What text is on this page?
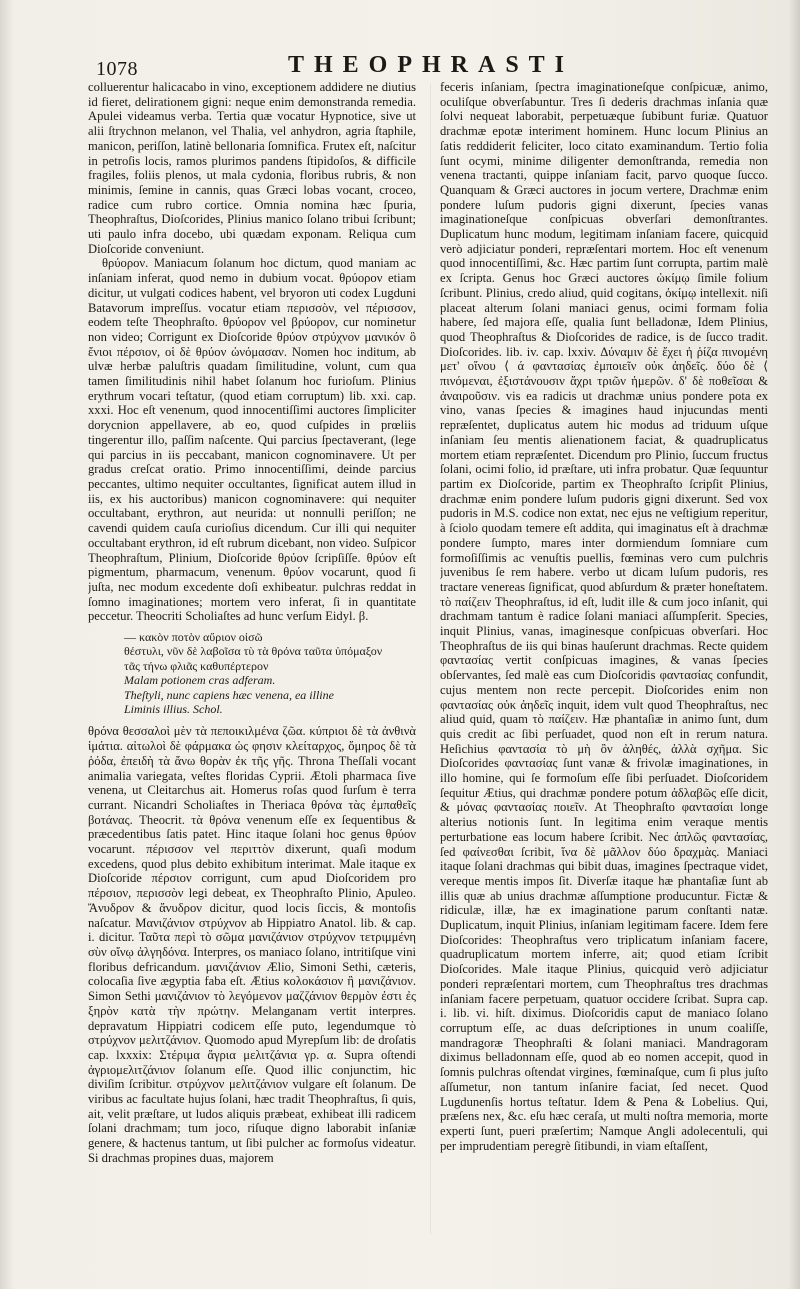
1078	THEOPHRASTI

colluerentur halicacabo in vino, exceptionem addidere ne diutius id fieret, delirationem gigni: neque enim demonstranda remedia. Apulei videamus verba. Tertia quæ vocatur Hypnotice, sive ut alii ſtrychnon melanon, vel Thalia, vel anhydron, agria ſtaphile, manicon, periſſon, latinè bellonaria ſomnifica. Frutex eſt, naſcitur in petroſis locis, ramos plurimos pandens ſtipidoſos, & difficile fragiles, foliis plenos, ut mala cydonia, floribus rubris, & non minimis, ſemine in cannis, quas Græci lobas vocant, croceo, radice cum rubro cortice. Omnia nomina hæc ſpuria, Theophraſtus, Dioſcorides, Plinius manico ſolano tribui ſcribunt; uti paulo infra docebo, ubi quædam exponam. Reliqua cum Dioſcoride conveniunt.

θρύορον. Maniacum ſolanum hoc dictum, quod maniam ac inſaniam inferat, quod nemo in dubium vocat. θρύορον etiam dicitur, ut vulgati codices habent, vel bryoron uti codex Lugduni Batavorum impreſſus. vocatur etiam περισσὸν, vel πέρισσον, eodem teſte Theophraſto. θρύορον vel βρύορον, cur nominetur non video; Corrigunt ex Dioſcoride θρύον στρύχνον μανικόν ὃ ἔνιοι πέρσιον, οἱ δὲ θρύον ὠνόμασαν. Nomen hoc inditum, ab ulvæ herbæ paluſtris quadam ſimilitudine, volunt, cum qua tamen ſimilitudinis nihil habet ſolanum hoc furioſum. Plinius erythrum vocari teſtatur, (quod etiam corruptum) lib. xxi. cap. xxxi. Hoc eſt venenum, quod innocentiſſimi auctores ſimpliciter dorycnion appellavere, ab eo, quod cuſpides in prœliis tingerentur illo, paſſim naſcente. Qui parcius ſpectaverant, (lege qui parcius in iis peccabant, manicon cognominavere. Ut per gradus creſcat oratio. Primo innocentiſſimi, deinde parcius peccantes, ultimo nequiter occultantes, ſignificat autem illud in iis, ex his auctoribus) manicon cognominavere: qui nequiter occultabant, erythron, aut neurida: ut nonnulli periſſon; ne cavendi quidem cauſa curioſius dicendum. Cur illi qui nequiter occultabant erythron, id eſt rubrum dicebant, non video. Suſpicor Theophraſtum, Plinium, Dioſcoride θρύον ſcripſiſſe. θρύον eſt pigmentum, pharmacum, venenum. θρύον vocarunt, quod ſi juſta, nec modum excedente doſi exhibeatur. pulchras reddat in ſomno imaginationes; mortem vero inferat, ſi in quantitate peccetur. Theocriti Scholiaſtes ad hunc verſum Eidyl. β.

— κακὸν ποτὸν αὔριον οἰσῶ
θέστυλι, νῦν δὲ λαβοῖσα τὺ τὰ θρόνα ταῦτα ὑπόμαξον
τᾶς τήνω φλιᾶς καθυπέρτερον
Malam potionem cras adferam.
Theſtyli, nunc capiens hæc venena, ea illine
Liminis illius. Schol.

θρόνα θεσσαλοὶ μὲν τὰ πεποικιλμένα ζῶα. κύπριοι δὲ τὰ ἀνθινὰ ἱμάτια. αἰτωλοὶ δὲ φάρμακα ὡς φησιν κλείταρχος, ὅμηρος δὲ τὰ ῥόδα, ἐπειδὴ τὰ ἄνω θορὰν ἐκ τῆς γῆς. Throna Theſſali vocant animalia variegata, veſtes floridas Cyprii. Ætoli pharmaca ſive venena, ut Cleitarchus ait. Homerus roſas quod ſurſum è terra currant. Nicandri Scholiaſtes in Theriaca θρόνα τὰς ἐμπαθεῖς βοτάνας. Theocrit. τὰ θρόνα venenum eſſe ex ſequentibus & præcedentibus ſatis patet. Hinc itaque ſolani hoc genus θρύον vocarunt. πέρισσον vel περιττὸν dixerunt, quaſi modum excedens, quod plus debito exhibitum interimat. Male itaque ex Dioſcoride πέρσιον corrigunt, cum apud Dioſcoridem pro πέρσιον, περισσὸν legi debeat, ex Theophraſto Plinio, Apuleo. Ἄνυδρον & ἄνυδρον dicitur, quod locis ſiccis, & montoſis naſcatur. Μανιζάνιον στρύχνον ab Hippiatro Anatol. lib. & cap. i. dicitur. Ταῦτα περὶ τὸ σῶμα μανιζάνιον στρύχνον τετριμμένη σὺν οἴνῳ ἀλγηδόνα. Interpres, os maniaco ſolano, intritiſque vini floribus defricandum. μανιζάνιον Ælio, Simoni Sethi, cæteris, colocaſia ſive ægyptia faba eſt. Ætius κολοκάσιον ἢ μανιζάνιον. Simon Sethi μανιζάνιον τὸ λεγόμενον μαζζάνιον θερμὸν ἐστι ἐς ξηρὸν κατὰ τὴν πρώτην. Melanganam vertit interpres. depravatum Hippiatri codicem eſſe puto, legendumque τὸ στρύχνον μελιτζάνιον. Quomodo apud Myrepſum lib: de droſatis cap. lxxxix: Στέριμα ἄγρια μελιτζάνια γρ. α. Supra oſtendi ἀγριομελιτζάνιον ſolanum eſſe. Quod illic conjunctim, hic diviſim ſcribitur. στρύχνον μελιτζάνιον vulgare eſt ſolanum. De viribus ac facultate hujus ſolani, hæc tradit Theophraſtus, ſi quis, ait, velit præſtare, ut ludos aliquis præbeat, exhibeat illi radicem ſolani drachmam; tum joco, riſuque digno laborabit inſaniæ genere, & hactenus tantum, ut ſibi pulcher ac formoſus videatur. Si drachmas propines duas, majorem

feceris inſaniam, ſpectra imaginationeſque conſpicuæ, animo, oculiſque obverſabuntur. Tres ſi dederis drachmas inſania quæ ſolvi nequeat laborabit, perpetuæque ſubibunt furiæ. Quatuor drachmæ epotæ interiment hominem. Hunc locum Plinius an ſatis reddiderit feliciter, loco citato examinandum. Tertio folia ſunt ocymi, minime diligenter demonſtranda, remedia non venena tractanti, quippe inſaniam facit, parvo quoque ſucco. Quanquam & Græci auctores in jocum vertere, Drachmæ enim pondere luſum pudoris gigni dixerunt, ſpecies vanas imaginationeſque conſpicuas obverſari demonſtrantes. Duplicatum hunc modum, legitimam inſaniam facere, quicquid verò adjiciatur ponderi, repræſentari mortem. Hoc eſt venenum quod innocentiſſimi, &c. Hæc partim ſunt corrupta, partim malè ex ſcripta. Genus hoc Græci auctores ὠκίμῳ ſimile folium ſcribunt. Plinius, credo aliud, quid cogitans, ὀκίμῳ intellexit. niſi placeat alterum ſolani maniaci genus, ocimi formam folia habere, ſed majora eſſe, qualia ſunt belladonæ, Idem Plinius, quod Theophraſtus & Dioſcorides de radice, is de ſucco tradit. Dioſcorides. lib. iv. cap. lxxiv. Δύναμιν δὲ ἔχει ἡ ῥίζα πινομένη μετ' οἴνου ⟨ ά φαντασίας ἐμποιεῖν οὐκ ἀηδεῖς. δύο δὲ ⟨ πινόμεναι, ἐξιστάνουσιν ἄχρι τριῶν ἡμερῶν. δ' δὲ ποθεῖσαι & ἀναιροῦσιν. vis ea radicis ut drachmæ unius pondere pota ex vino, vanas ſpecies & imagines haud injucundas menti repræſentet, duplicatus autem hic modus ad triduum uſque inſaniam ſeu mentis alienationem faciat, & quadruplicatus mortem etiam repræſentet. Dicendum pro Plinio, ſuccum fructus ſolani, ocimi folio, id præſtare, uti infra probatur. Quæ ſequuntur partim ex Dioſcoride, partim ex Theophraſto ſcripſit Plinius, drachmæ enim pondere luſum pudoris gigni dixerunt. Sed vox pudoris in M.S. codice non extat, nec ejus ne veſtigium reperitur, à ſciolo quodam temere eſt addita, qui imaginatus eſt à drachmæ pondere ſumpto, mares inter dormiendum ſomniare cum formoſiſſimis ac venuſtis puellis, fœminas vero cum pulchris juvenibus ſe rem habere. verbo ut dicam luſum pudoris, res tractare venereas ſignificat, quod abſurdum & præter honeſtatem. τὸ παίζειν Theophraſtus, id eſt, ludit ille & cum joco inſanit, qui drachmam tantum è radice ſolani maniaci aſſumpſerit. Species, inquit Plinius, vanas, imaginesque conſpicuas obverſari. Hoc Theophraſtus de iis qui binas hauſerunt drachmas. Recte quidem φαντασίας vertit conſpicuas imagines, & vanas ſpecies obſervantes, ſed malè eas cum Dioſcoridis φαντασίας confundit, cujus mentem non recte percepit. Dioſcorides enim non φαντασίας οὐκ ἀηδεῖς inquit, idem vult quod Theophraſtus, nec aliud quid, quam τὸ παίζειν. Hæ phantaſiæ in animo ſunt, dum quis credit ac ſibi perſuadet, quod non eſt in rerum natura. Heſichius φαντασία τὸ μὴ ὂν ἀληθές, ἀλλὰ σχῆμα. Sic Dioſcorides φαντασίας ſunt vanæ & frivolæ imaginationes, in illo homine, qui ſe formoſum eſſe ſibi perſuadet. Dioſcoridem ſequitur Ætius, qui drachmæ pondere potum ἀδλαβῶς eſſe dicit, & μόνας φαντασίας ποιεῖν. At Theophraſto φαντασίαι longe alterius notionis ſunt. In legitima enim veraque mentis perturbatione eas locum habere ſcribit. Nec ἀπλῶς φαντασίας, ſed φαίνεσθαι ſcribit, ἵνα δὲ μᾶλλον δύο δραχμὰς. Maniaci itaque ſolani drachmas qui bibit duas, imagines ſpectraque videt, vereque mentis impos ſit. Diverſæ itaque hæ phantaſiæ ſunt ab illis quæ ab unius drachmæ aſſumptione producuntur. Fictæ & ridiculæ, illæ, hæ ex imaginatione parum conſtanti natæ. Duplicatum, inquit Plinius, inſaniam legitimam facere. Idem fere Dioſcorides: Theophraſtus vero triplicatum inſaniam facere, quadruplicatum mortem inferre, ait; quod etiam ſcribit Dioſcorides. Male itaque Plinius, quicquid verò adjiciatur ponderi repræſentari mortem, cum Theophraſtus tres drachmas inſaniam facere perpetuam, quatuor occidere ſcribat. Supra cap. i. lib. vi. hiſt. diximus. Dioſcoridis caput de maniaco ſolano corruptum eſſe, ac duas deſcriptiones in unum coaliſſe, mandragoræ Theophraſti & ſolani maniaci. Mandragoram diximus belladonnam eſſe, quod ab eo nomen accepit, quod in ſomnis pulchras oſtendat virgines, fœminaſque, cum ſi plus juſto aſſumetur, non tantum inſanire faciat, ſed necet. Quod Lugdunenſis hortus teſtatur. Idem & Pena & Lobelius. Qui, præſens nex, &c. eſu hæc ceraſa, ut multi noſtra memoria, morte experti ſunt, pueri præſertim; Namque Angli adolecentuli, qui per imprudentiam peregrè ſitibundi, in viam eſtaſſent,
